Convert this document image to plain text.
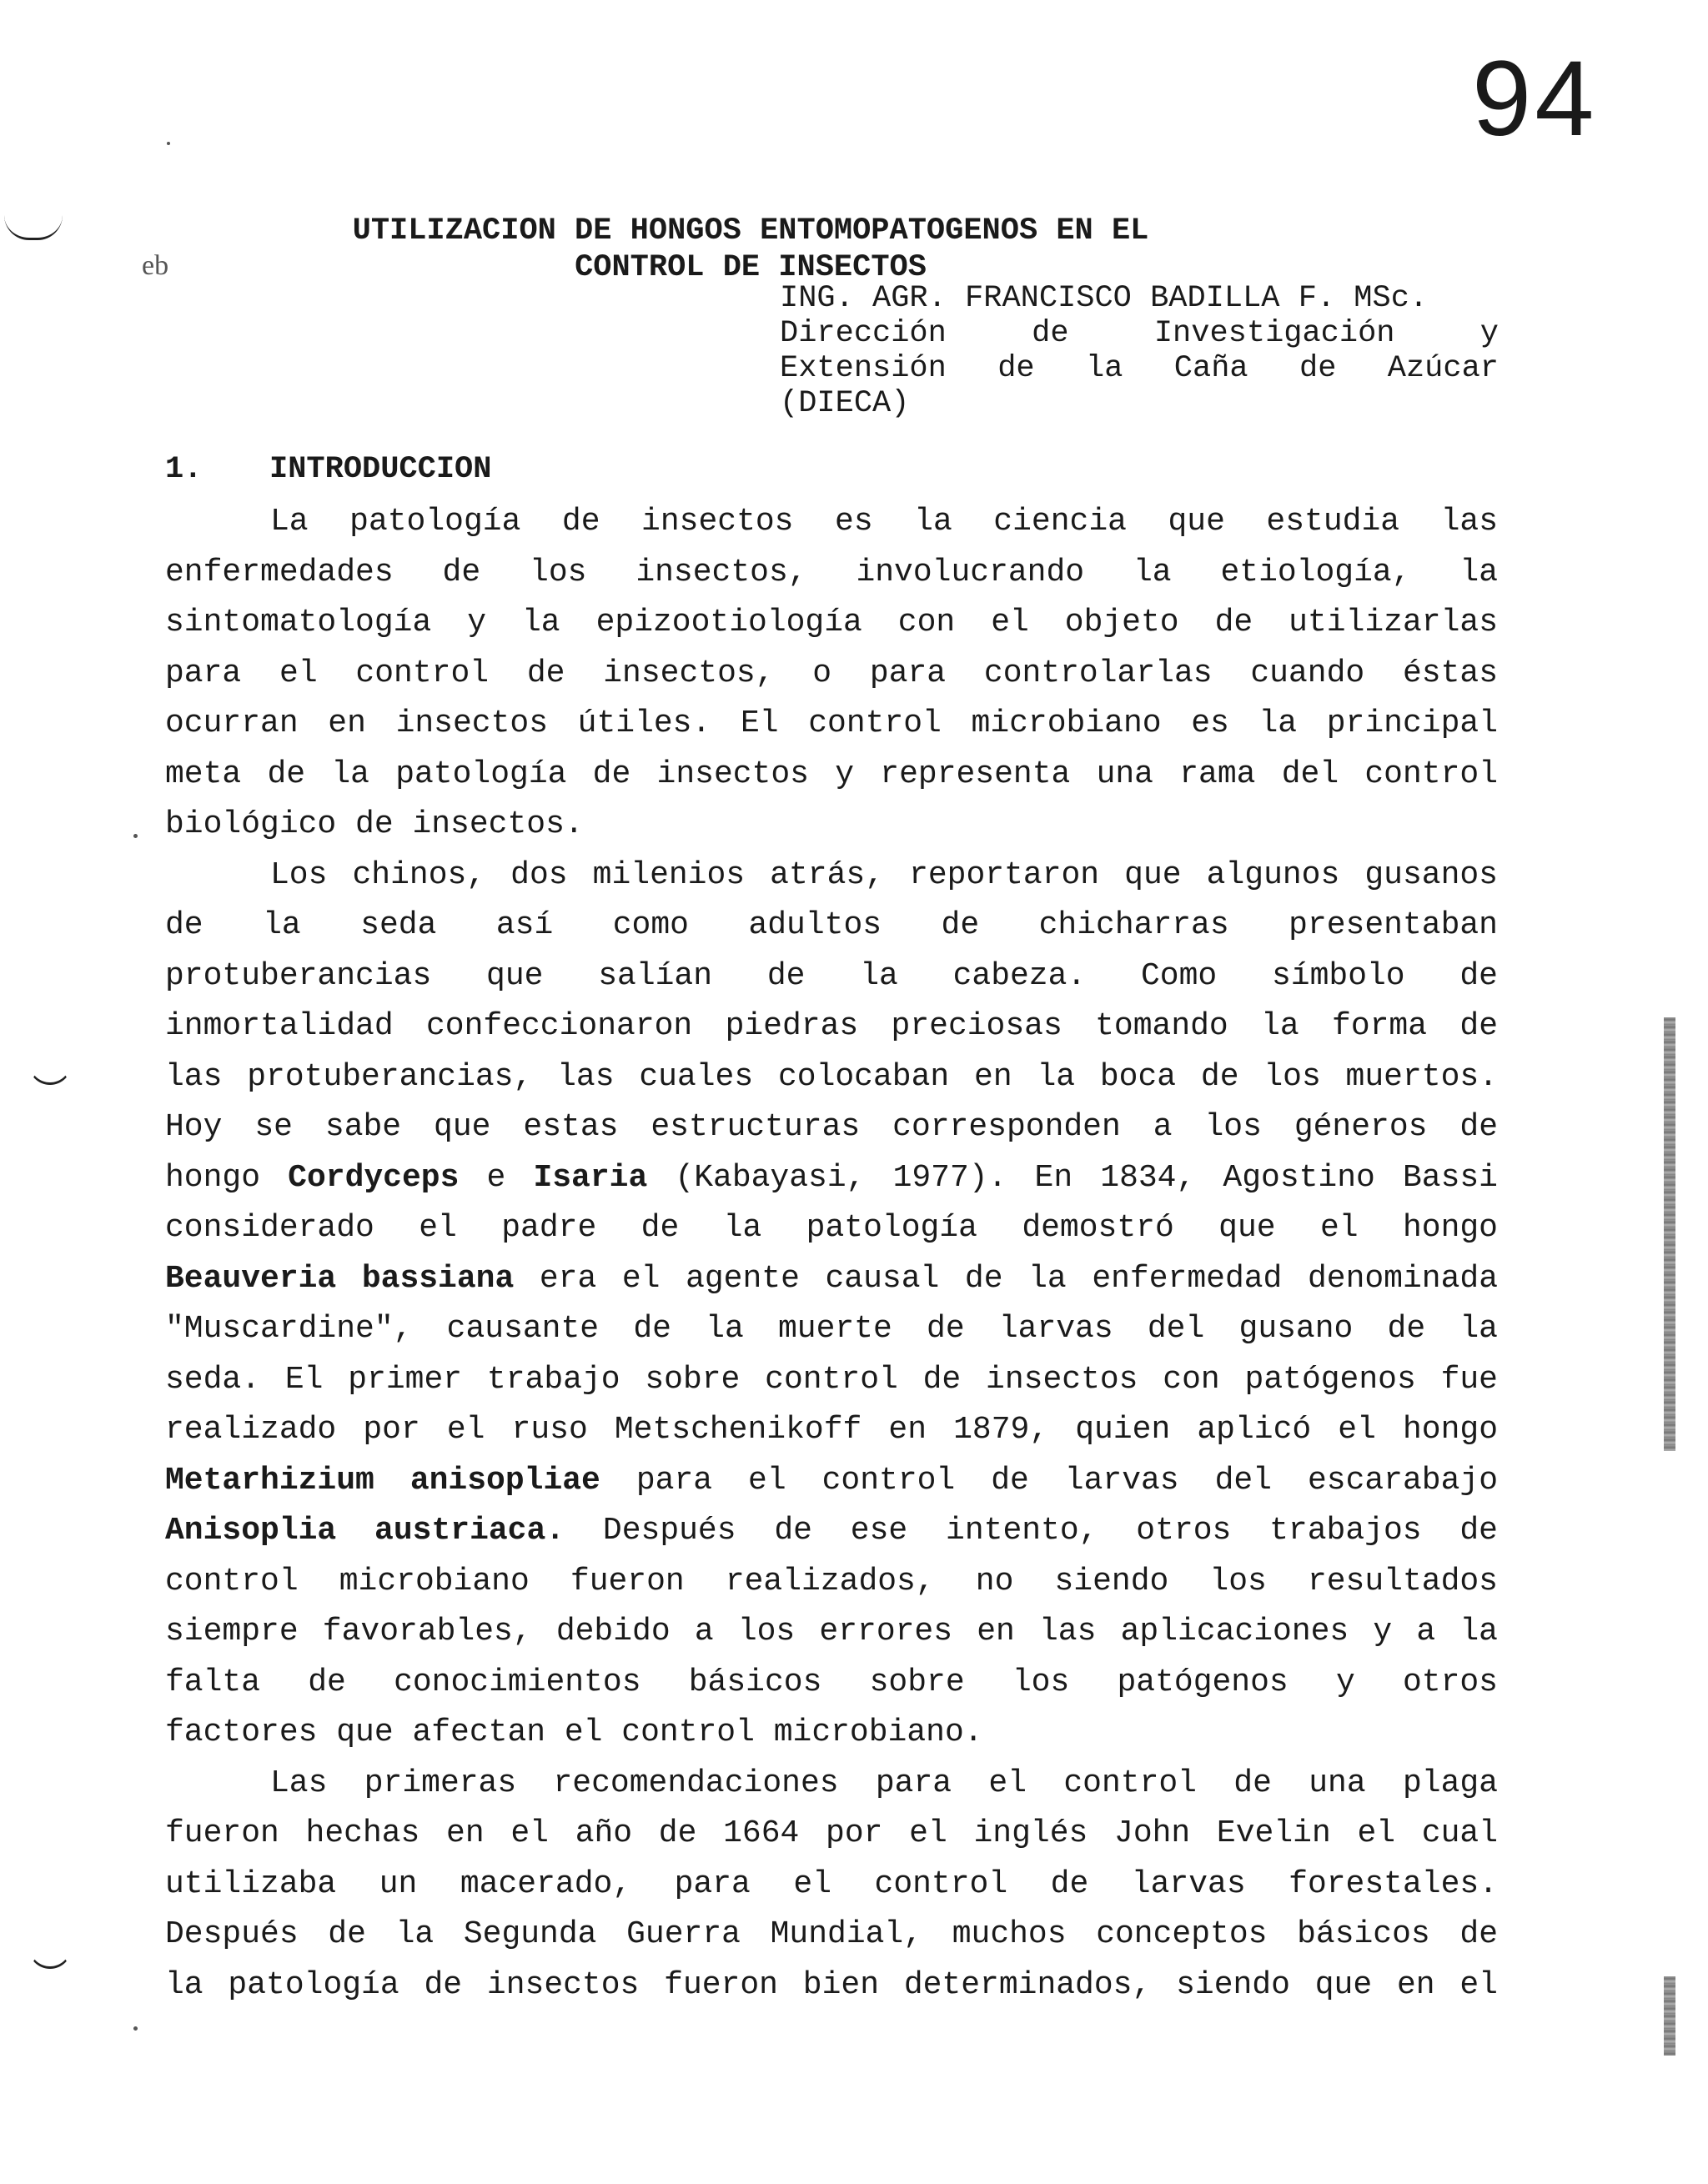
eb
94
UTILIZACION DE HONGOS ENTOMOPATOGENOS EN EL
CONTROL DE INSECTOS
ING. AGR. FRANCISCO BADILLA F. MSc.
Dirección de Investigación y
Extensión de la Caña de Azúcar
(DIECA)
1. INTRODUCCION
La patología de insectos es la ciencia que estudia las
enfermedades de los insectos, involucrando la etiología, la
sintomatología y la epizootiología con el objeto de utilizarlas
para el control de insectos, o para controlarlas cuando éstas
ocurran en insectos útiles. El control microbiano es la principal
meta de la patología de insectos y representa una rama del control
biológico de insectos.
Los chinos, dos milenios atrás, reportaron que algunos gusanos
de la seda así como adultos de chicharras presentaban
protuberancias que salían de la cabeza. Como símbolo de
inmortalidad confeccionaron piedras preciosas tomando la forma de
las protuberancias, las cuales colocaban en la boca de los muertos.
Hoy se sabe que estas estructuras corresponden a los géneros de
hongo Cordyceps e Isaria (Kabayasi, 1977). En 1834, Agostino Bassi
considerado el padre de la patología demostró que el hongo
Beauveria bassiana era el agente causal de la enfermedad denominada
"Muscardine", causante de la muerte de larvas del gusano de la
seda. El primer trabajo sobre control de insectos con patógenos fue
realizado por el ruso Metschenikoff en 1879, quien aplicó el hongo
Metarhizium anisopliae para el control de larvas del escarabajo
Anisoplia austriaca. Después de ese intento, otros trabajos de
control microbiano fueron realizados, no siendo los resultados
siempre favorables, debido a los errores en las aplicaciones y a la
falta de conocimientos básicos sobre los patógenos y otros
factores que afectan el control microbiano.
Las primeras recomendaciones para el control de una plaga
fueron hechas en el año de 1664 por el inglés John Evelin el cual
utilizaba un macerado, para el control de larvas forestales.
Después de la Segunda Guerra Mundial, muchos conceptos básicos de
la patología de insectos fueron bien determinados, siendo que en el
